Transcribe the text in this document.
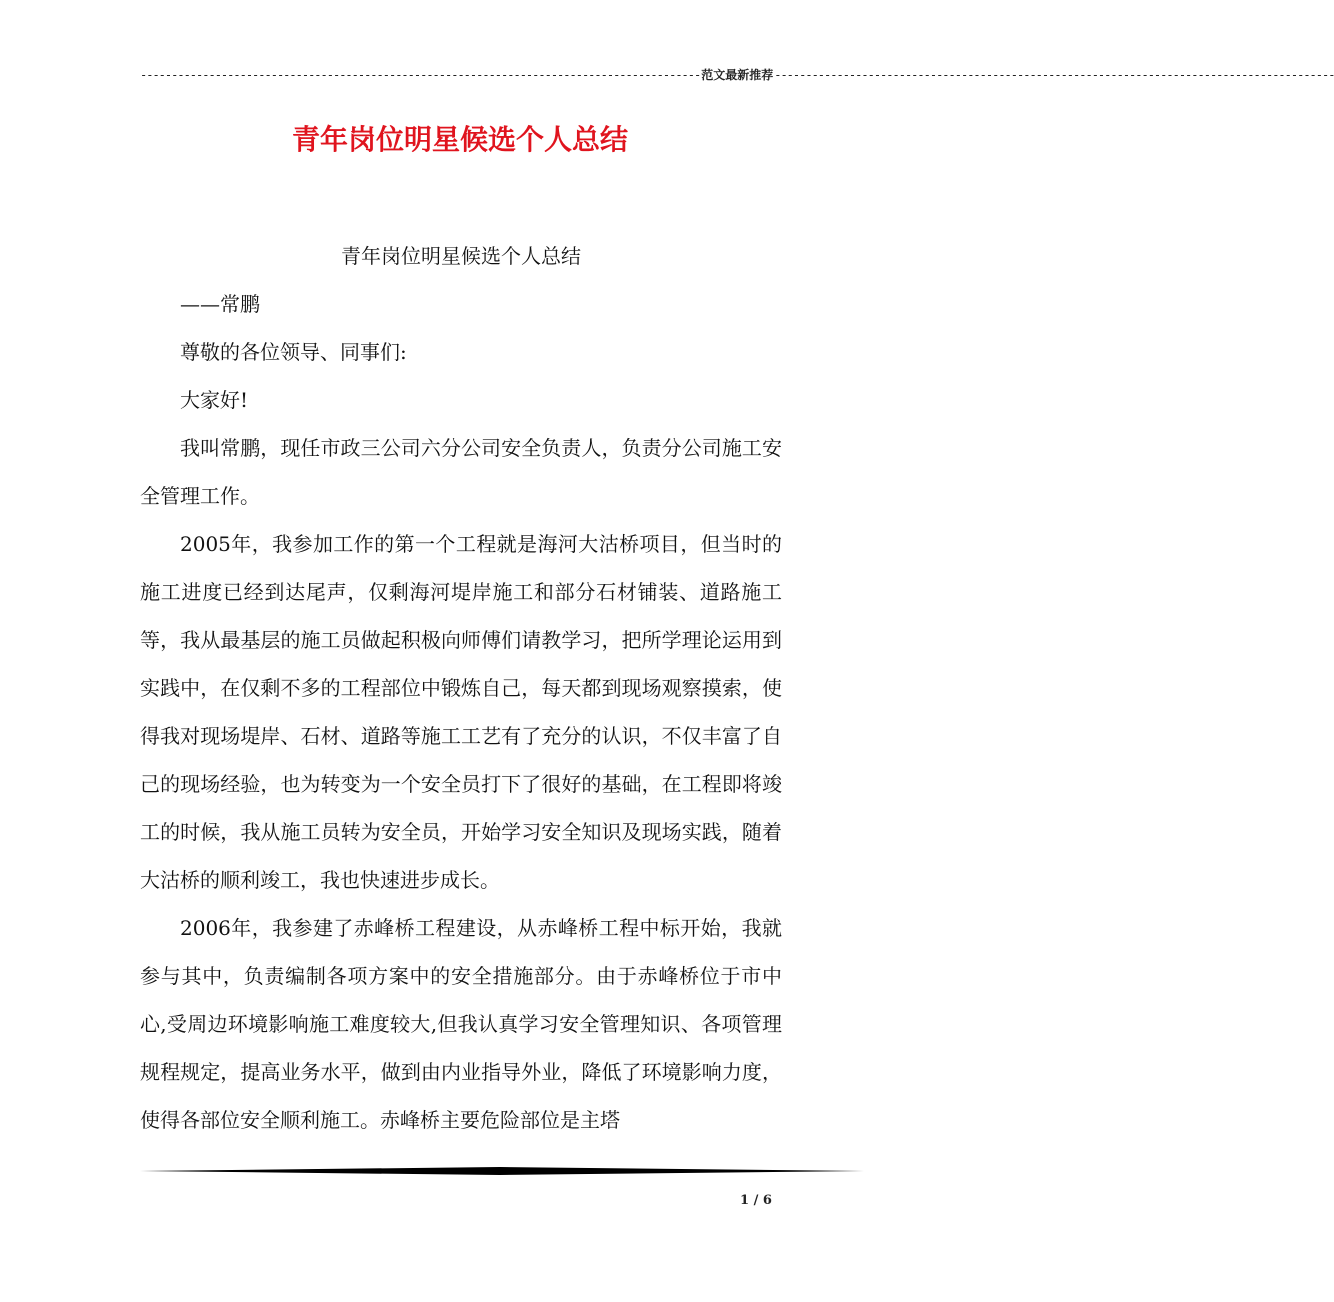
------------------------------------------------------------------------------------------ 范文最新推荐 ------------------------------------------------------------------------------------------
青年岗位明星候选个人总结

青年岗位明星候选个人总结

——常鹏

尊敬的各位领导、同事们:

大家好!

我叫常鹏，现任市政三公司六分公司安全负责人，负责分公司施工安全管理工作。

2005年，我参加工作的第一个工程就是海河大沽桥项目，但当时的施工进度已经到达尾声，仅剩海河堤岸施工和部分石材铺装、道路施工等，我从最基层的施工员做起积极向师傅们请教学习，把所学理论运用到实践中，在仅剩不多的工程部位中锻炼自己，每天都到现场观察摸索，使得我对现场堤岸、石材、道路等施工工艺有了充分的认识，不仅丰富了自己的现场经验，也为转变为一个安全员打下了很好的基础，在工程即将竣工的时候，我从施工员转为安全员，开始学习安全知识及现场实践，随着大沽桥的顺利竣工，我也快速进步成长。

2006年，我参建了赤峰桥工程建设，从赤峰桥工程中标开始，我就参与其中，负责编制各项方案中的安全措施部分。由于赤峰桥位于市中心,受周边环境影响施工难度较大,但我认真学习安全管理知识、各项管理规程规定，提高业务水平，做到由内业指导外业，降低了环境影响力度，使得各部位安全顺利施工。赤峰桥主要危险部位是主塔

1 / 6
